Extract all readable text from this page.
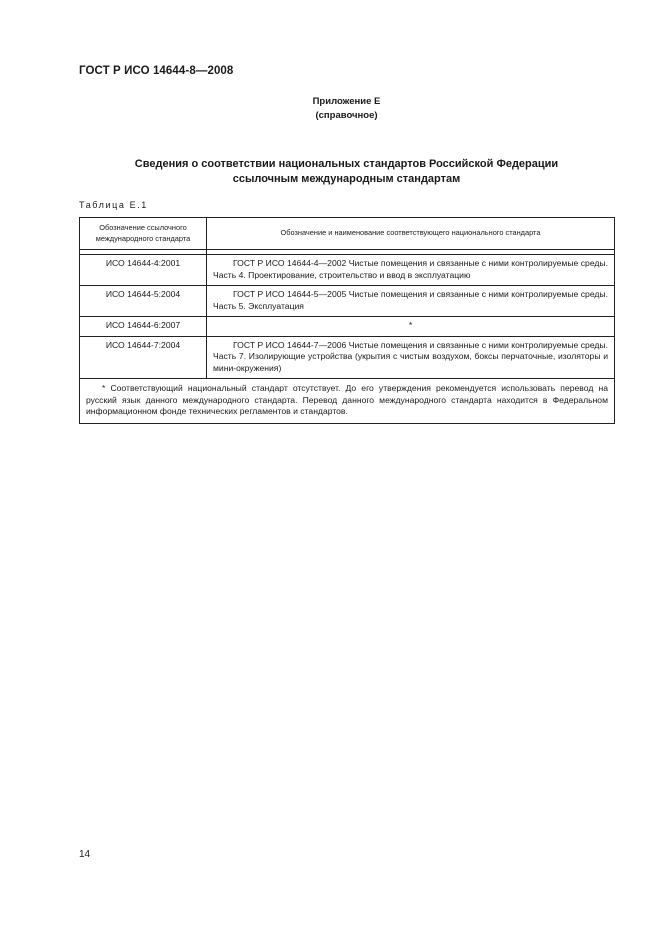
ГОСТ Р ИСО 14644-8—2008
Приложение Е
(справочное)
Сведения о соответствии национальных стандартов Российской Федерации
ссылочным международным стандартам
Таблица Е.1
Обозначение ссылочного международного стандарта	Обозначение и наименование соответствующего национального стандарта

ИСО 14644-4:2001	ГОСТ Р ИСО 14644-4—2002 Чистые помещения и связанные с ними контролируемые среды. Часть 4. Проектирование, строительство и ввод в эксплуатацию
ИСО 14644-5:2004	ГОСТ Р ИСО 14644-5—2005 Чистые помещения и связанные с ними контролируемые среды. Часть 5. Эксплуатация
ИСО 14644-6:2007	*
ИСО 14644-7:2004	ГОСТ Р ИСО 14644-7—2006 Чистые помещения и связанные с ними контролируемые среды. Часть 7. Изолирующие устройства (укрытия с чистым воздухом, боксы перчаточные, изоляторы и мини-окружения)
* Соответствующий национальный стандарт отсутствует. До его утверждения рекомендуется использовать перевод на русский язык данного международного стандарта. Перевод данного международного стандарта находится в Федеральном информационном фонде технических регламентов и стандартов.	
14
